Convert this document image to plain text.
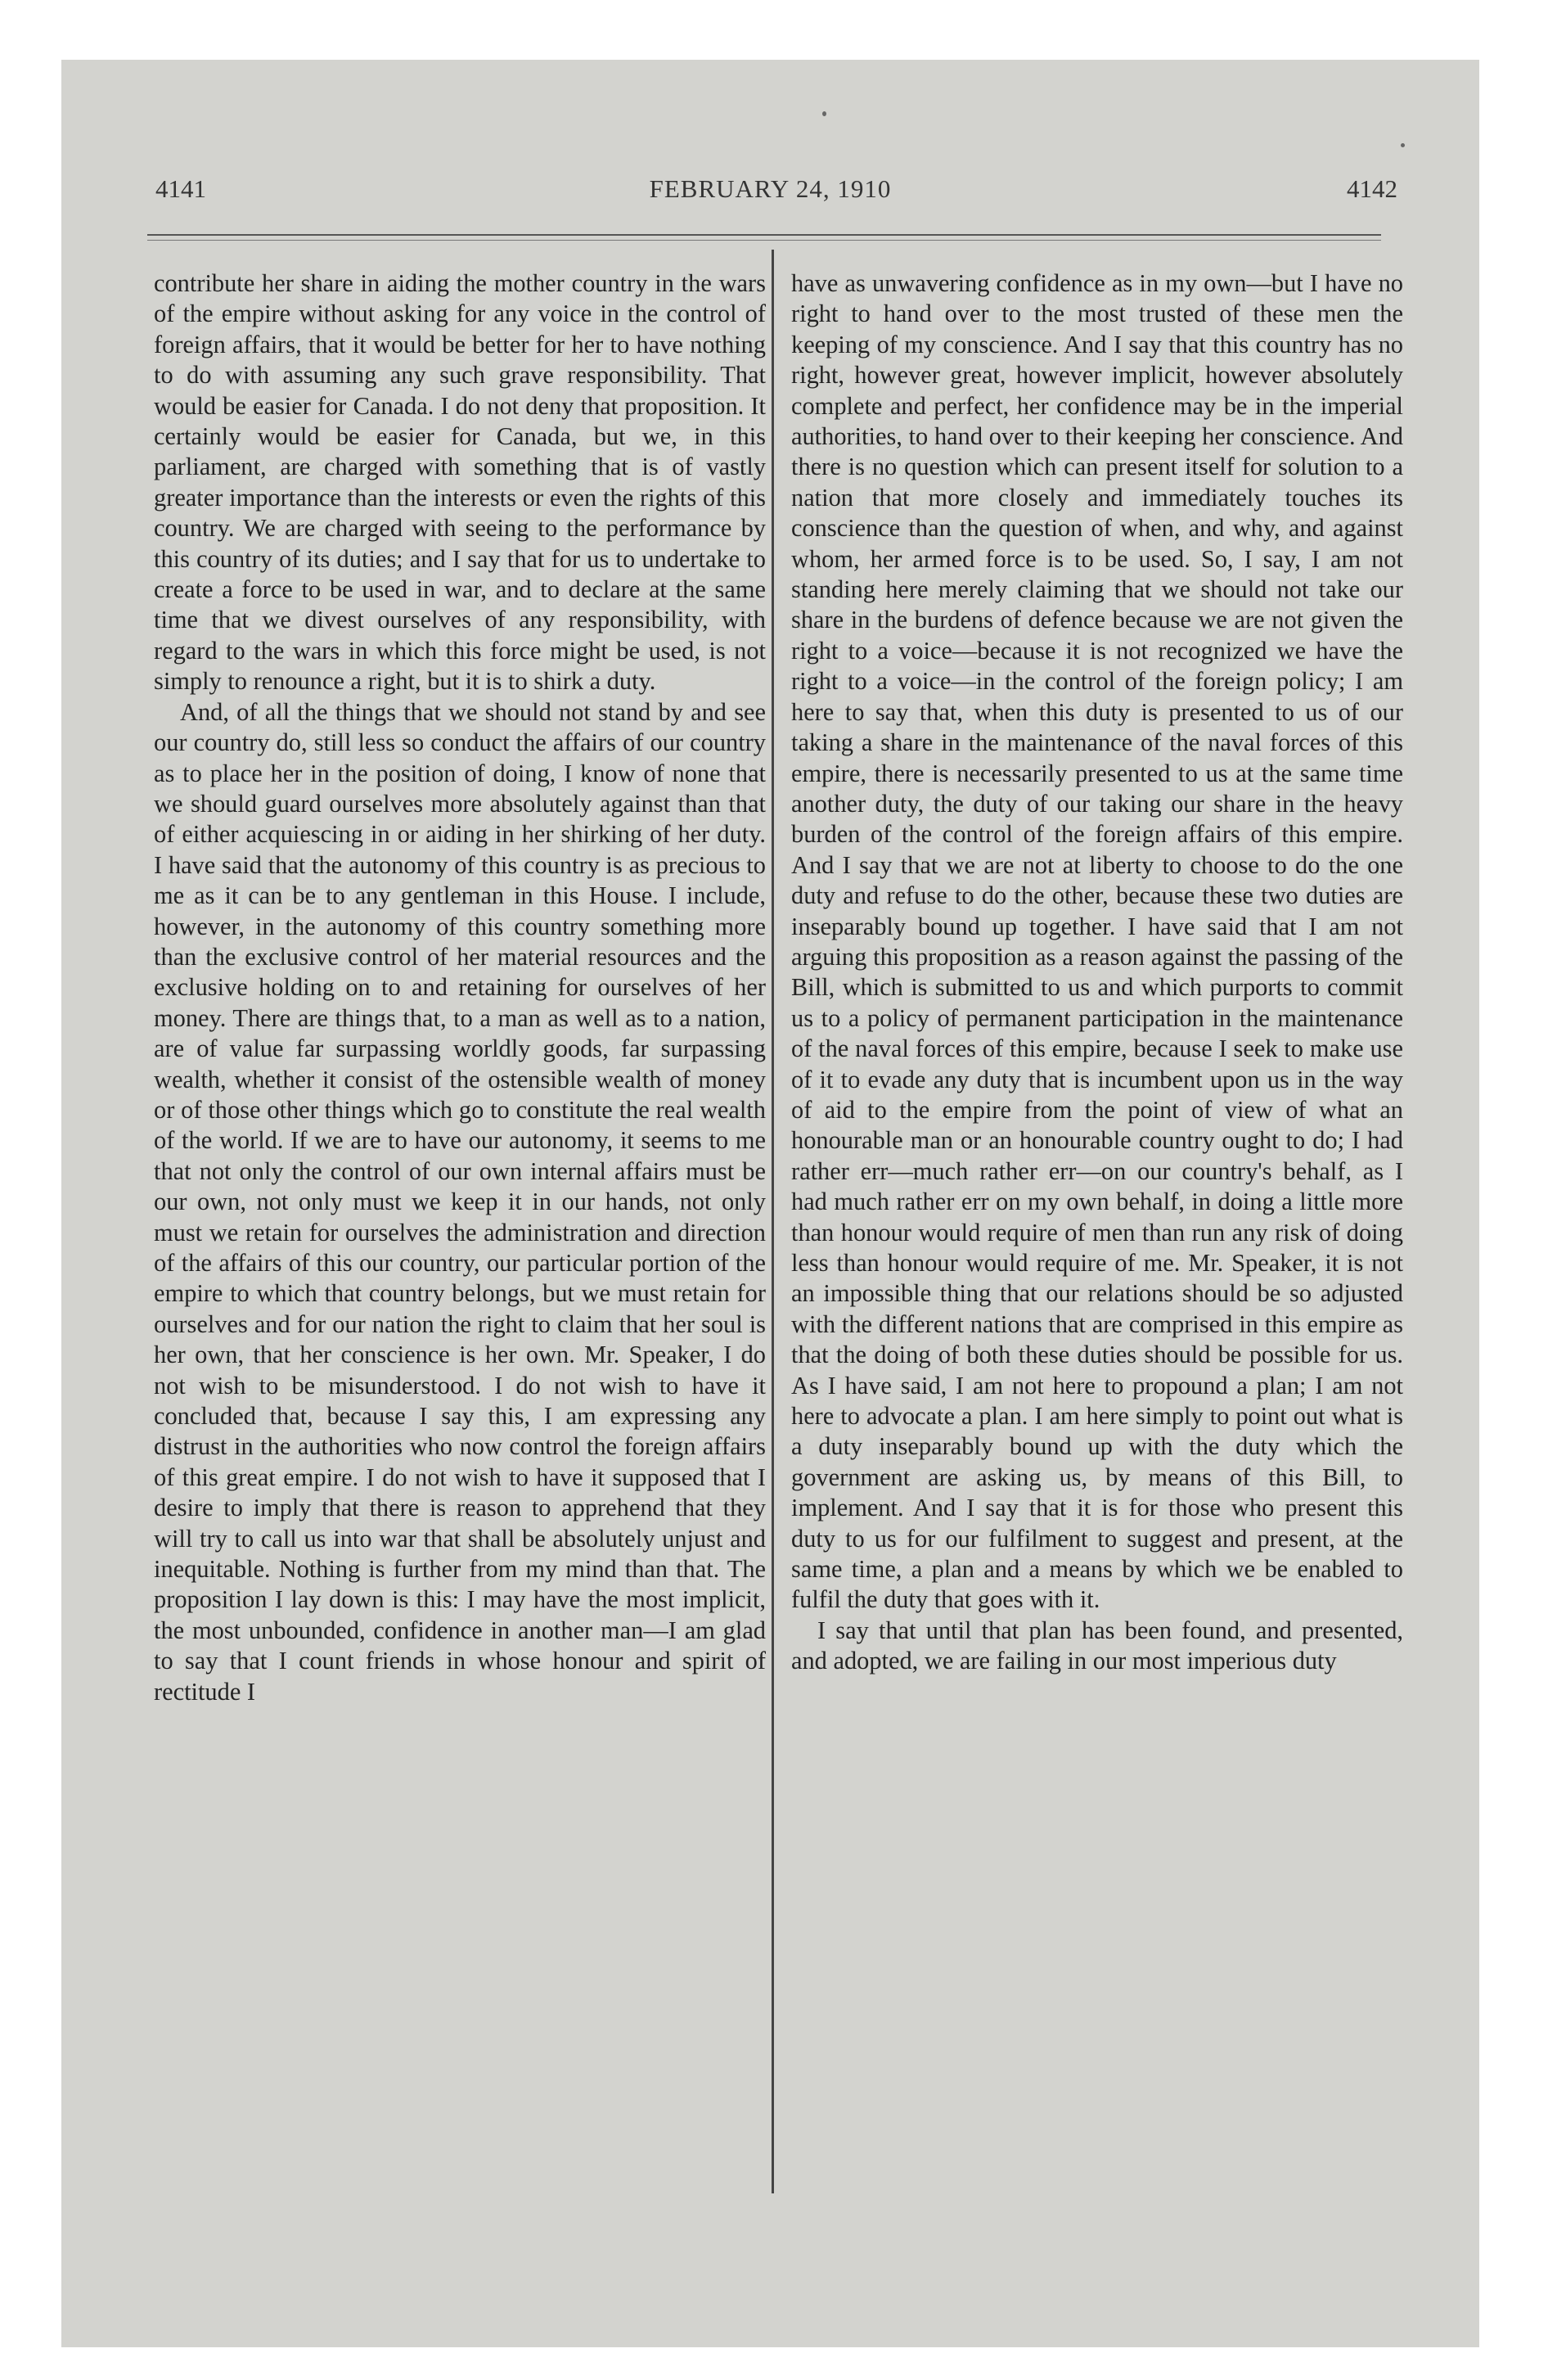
4141	FEBRUARY 24, 1910	4142

contribute her share in aiding the mother country in the wars of the empire without asking for any voice in the control of foreign affairs, that it would be better for her to have nothing to do with assuming any such grave responsibility. That would be easier for Canada. I do not deny that proposition. It certainly would be easier for Canada, but we, in this parliament, are charged with something that is of vastly greater importance than the interests or even the rights of this country. We are charged with seeing to the performance by this country of its duties; and I say that for us to undertake to create a force to be used in war, and to declare at the same time that we divest ourselves of any responsibility, with regard to the wars in which this force might be used, is not simply to renounce a right, but it is to shirk a duty.

And, of all the things that we should not stand by and see our country do, still less so conduct the affairs of our country as to place her in the position of doing, I know of none that we should guard ourselves more absolutely against than that of either acquiescing in or aiding in her shirking of her duty. I have said that the autonomy of this country is as precious to me as it can be to any gentleman in this House. I include, however, in the autonomy of this country something more than the exclusive control of her material resources and the exclusive holding on to and retaining for ourselves of her money. There are things that, to a man as well as to a nation, are of value far surpassing worldly goods, far surpassing wealth, whether it consist of the ostensible wealth of money or of those other things which go to constitute the real wealth of the world. If we are to have our autonomy, it seems to me that not only the control of our own internal affairs must be our own, not only must we keep it in our hands, not only must we retain for ourselves the administration and direction of the affairs of this our country, our particular portion of the empire to which that country belongs, but we must retain for ourselves and for our nation the right to claim that her soul is her own, that her conscience is her own. Mr. Speaker, I do not wish to be misunderstood. I do not wish to have it concluded that, because I say this, I am expressing any distrust in the authorities who now control the foreign affairs of this great empire. I do not wish to have it supposed that I desire to imply that there is reason to apprehend that they will try to call us into war that shall be absolutely unjust and inequitable. Nothing is further from my mind than that. The proposition I lay down is this: I may have the most implicit, the most unbounded, confidence in another man—I am glad to say that I count friends in whose honour and spirit of rectitude I

have as unwavering confidence as in my own—but I have no right to hand over to the most trusted of these men the keeping of my conscience. And I say that this country has no right, however great, however implicit, however absolutely complete and perfect, her confidence may be in the imperial authorities, to hand over to their keeping her conscience. And there is no question which can present itself for solution to a nation that more closely and immediately touches its conscience than the question of when, and why, and against whom, her armed force is to be used. So, I say, I am not standing here merely claiming that we should not take our share in the burdens of defence because we are not given the right to a voice—because it is not recognized we have the right to a voice—in the control of the foreign policy; I am here to say that, when this duty is presented to us of our taking a share in the maintenance of the naval forces of this empire, there is necessarily presented to us at the same time another duty, the duty of our taking our share in the heavy burden of the control of the foreign affairs of this empire. And I say that we are not at liberty to choose to do the one duty and refuse to do the other, because these two duties are inseparably bound up together. I have said that I am not arguing this proposition as a reason against the passing of the Bill, which is submitted to us and which purports to commit us to a policy of permanent participation in the maintenance of the naval forces of this empire, because I seek to make use of it to evade any duty that is incumbent upon us in the way of aid to the empire from the point of view of what an honourable man or an honourable country ought to do; I had rather err—much rather err—on our country's behalf, as I had much rather err on my own behalf, in doing a little more than honour would require of men than run any risk of doing less than honour would require of me. Mr. Speaker, it is not an impossible thing that our relations should be so adjusted with the different nations that are comprised in this empire as that the doing of both these duties should be possible for us. As I have said, I am not here to propound a plan; I am not here to advocate a plan. I am here simply to point out what is a duty inseparably bound up with the duty which the government are asking us, by means of this Bill, to implement. And I say that it is for those who present this duty to us for our fulfilment to suggest and present, at the same time, a plan and a means by which we be enabled to fulfil the duty that goes with it.

I say that until that plan has been found, and presented, and adopted, we are failing in our most imperious duty
